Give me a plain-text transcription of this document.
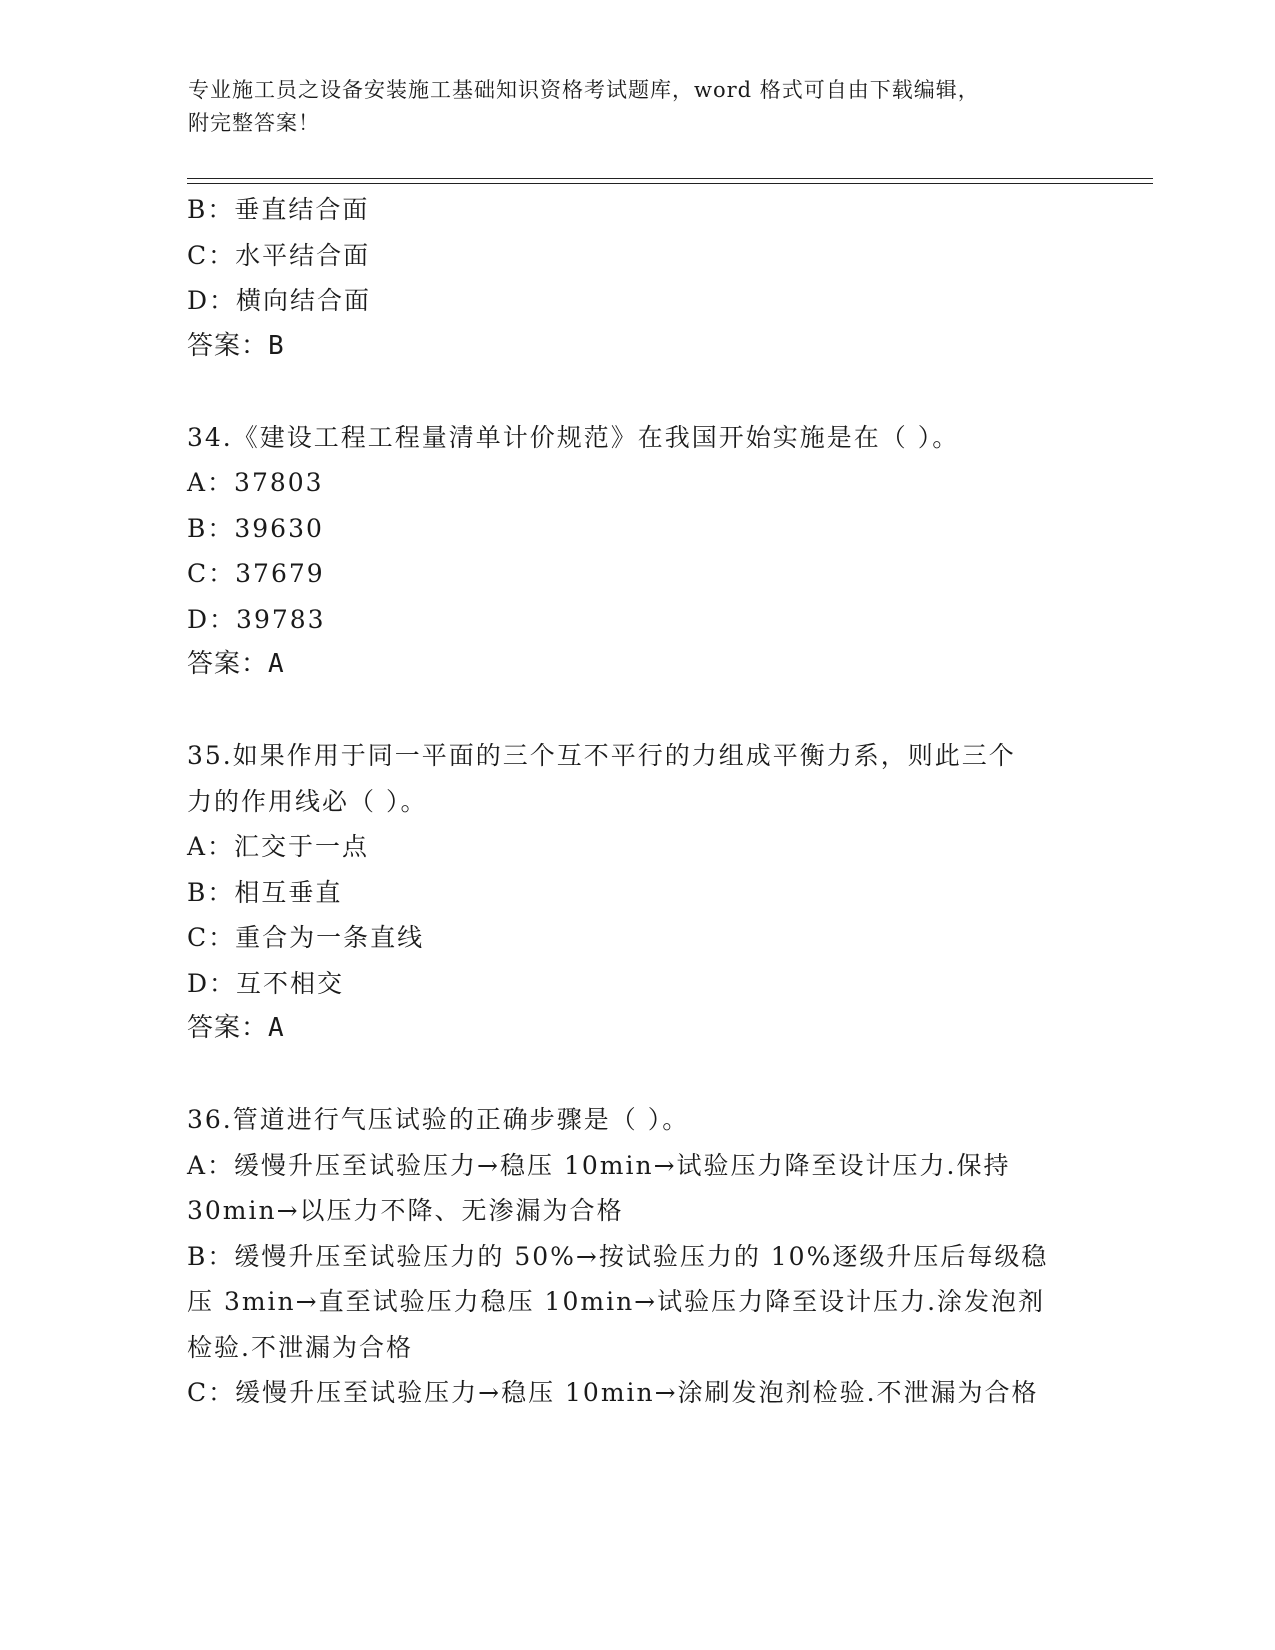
专业施工员之设备安装施工基础知识资格考试题库，word 格式可自由下载编辑，
附完整答案！
B：垂直结合面
C：水平结合面
D：横向结合面
答案：B
34.《建设工程工程量清单计价规范》在我国开始实施是在（ ）。
A：37803
B：39630
C：37679
D：39783
答案：A
35.如果作用于同一平面的三个互不平行的力组成平衡力系，则此三个
力的作用线必（ ）。
A：汇交于一点
B：相互垂直
C：重合为一条直线
D：互不相交
答案：A
36.管道进行气压试验的正确步骤是（ ）。
A：缓慢升压至试验压力→稳压 10min→试验压力降至设计压力.保持
30min→以压力不降、无渗漏为合格
B：缓慢升压至试验压力的 50%→按试验压力的 10%逐级升压后每级稳
压 3min→直至试验压力稳压 10min→试验压力降至设计压力.涂发泡剂
检验.不泄漏为合格
C：缓慢升压至试验压力→稳压 10min→涂刷发泡剂检验.不泄漏为合格
